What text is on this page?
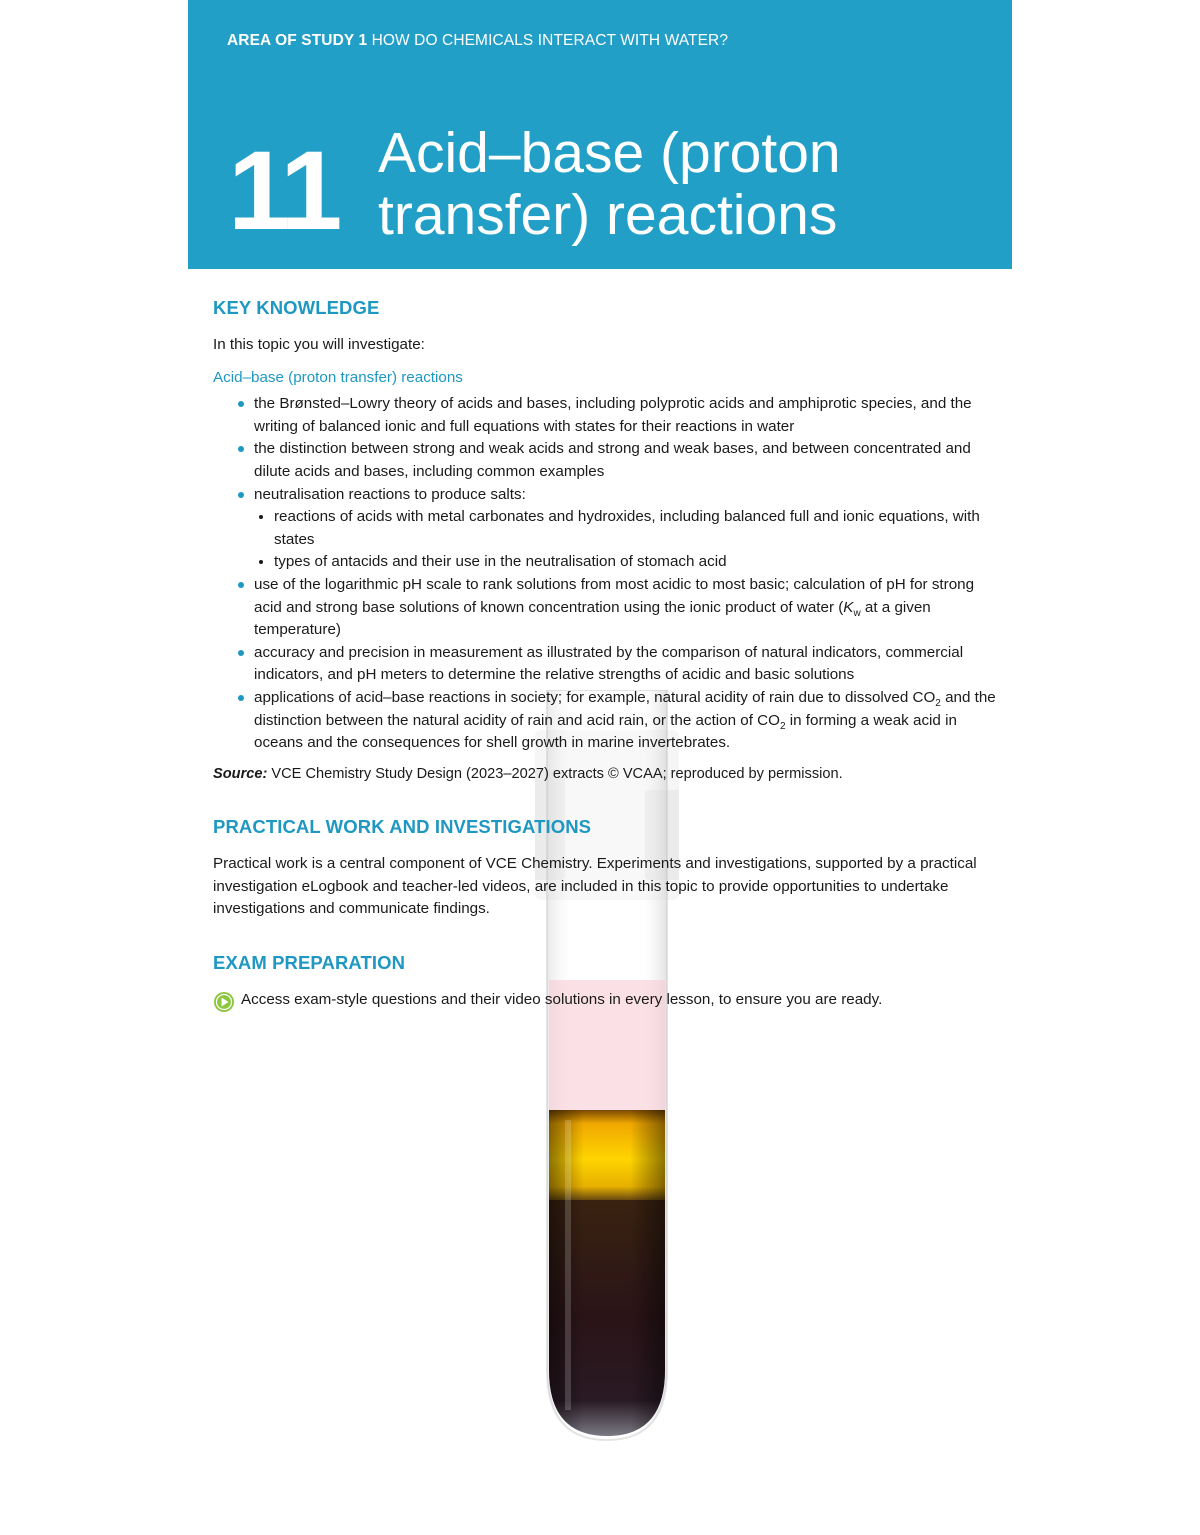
AREA OF STUDY 1 HOW DO CHEMICALS INTERACT WITH WATER?
11 Acid–base (proton
transfer) reactions
KEY KNOWLEDGE
In this topic you will investigate:
Acid–base (proton transfer) reactions
the Brønsted–Lowry theory of acids and bases, including polyprotic acids and amphiprotic species, and the writing of balanced ionic and full equations with states for their reactions in water
the distinction between strong and weak acids and strong and weak bases, and between concentrated and dilute acids and bases, including common examples
neutralisation reactions to produce salts:
reactions of acids with metal carbonates and hydroxides, including balanced full and ionic equations, with states
types of antacids and their use in the neutralisation of stomach acid
use of the logarithmic pH scale to rank solutions from most acidic to most basic; calculation of pH for strong acid and strong base solutions of known concentration using the ionic product of water ($K_w$ at a given temperature)
accuracy and precision in measurement as illustrated by the comparison of natural indicators, commercial indicators, and pH meters to determine the relative strengths of acidic and basic solutions
applications of acid–base reactions in society; for example, natural acidity of rain due to dissolved $CO_2$ and the distinction between the natural acidity of rain and acid rain, or the action of $CO_2$ in forming a weak acid in oceans and the consequences for shell growth in marine invertebrates.
Source: VCE Chemistry Study Design (2023–2027) extracts © VCAA; reproduced by permission.
PRACTICAL WORK AND INVESTIGATIONS
Practical work is a central component of VCE Chemistry. Experiments and investigations, supported by a practical investigation eLogbook and teacher-led videos, are included in this topic to provide opportunities to undertake investigations and communicate findings.
EXAM PREPARATION
Access exam-style questions and their video solutions in every lesson, to ensure you are ready.
